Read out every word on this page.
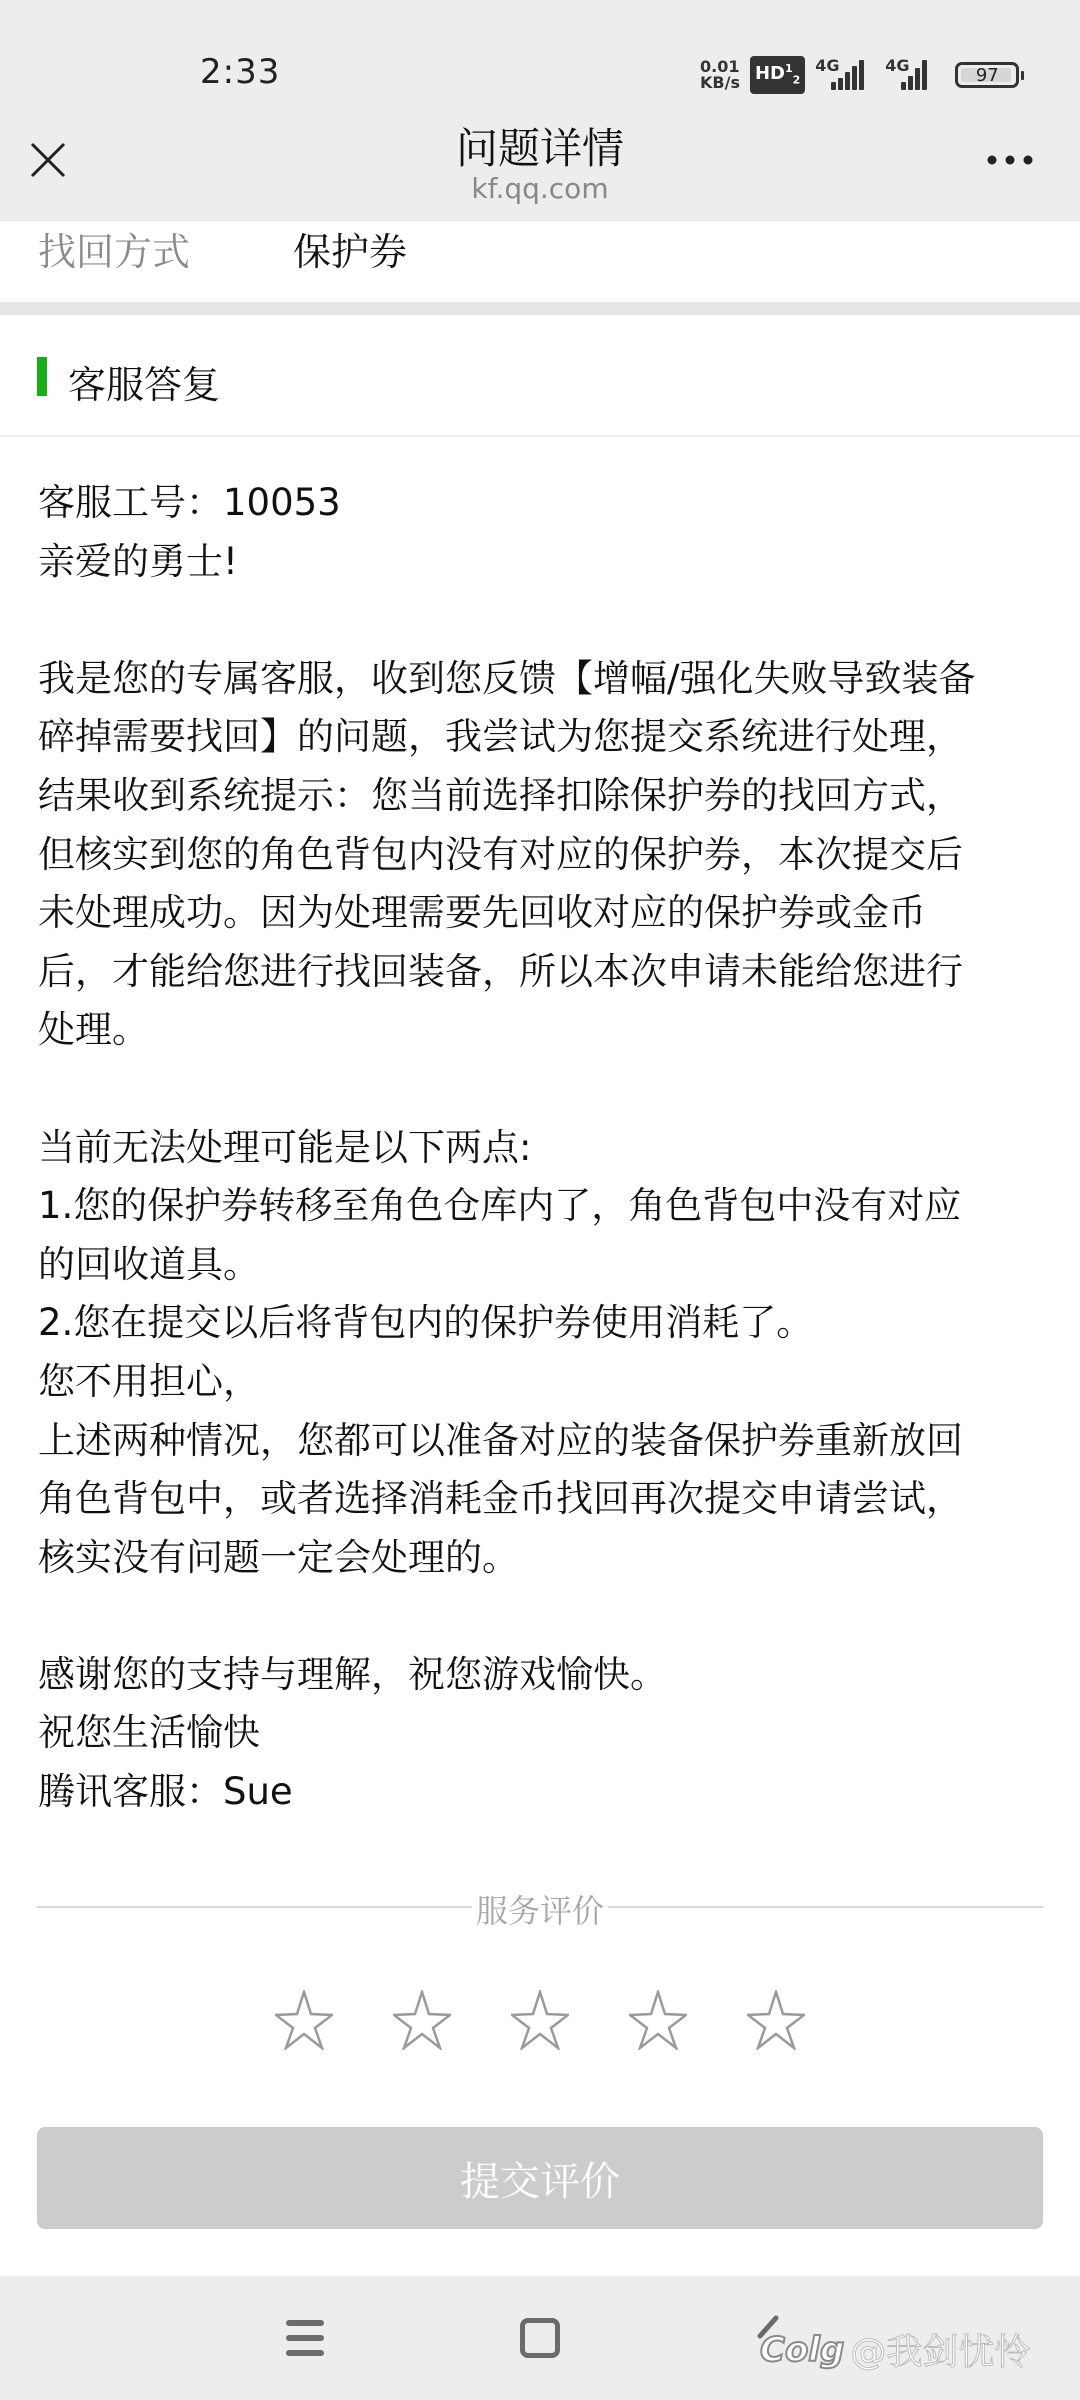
2:33	0.01
KB/s $HD^1_2$
4G	4G	97
问题详情
kf.qq.com
找回方式	保护券
客服答复
客服工号：10053
亲爱的勇士!
我是您的专属客服，收到您反馈【增幅/强化失败导致装备
碎掉需要找回】的问题，我尝试为您提交系统进行处理，
结果收到系统提示：您当前选择扣除保护券的找回方式，
但核实到您的角色背包内没有对应的保护券，本次提交后
未处理成功。因为处理需要先回收对应的保护券或金币
后，才能给您进行找回装备，所以本次申请未能给您进行
处理。
当前无法处理可能是以下两点:
1.您的保护券转移至角色仓库内了，角色背包中没有对应
的回收道具。
2.您在提交以后将背包内的保护券使用消耗了。
您不用担心，
上述两种情况，您都可以准备对应的装备保护券重新放回
角色背包中，或者选择消耗金币找回再次提交申请尝试，
核实没有问题一定会处理的。
感谢您的支持与理解，祝您游戏愉快。
祝您生活愉快
腾讯客服：Sue
服务评价
提交评价
Colg @我剑忧怜
